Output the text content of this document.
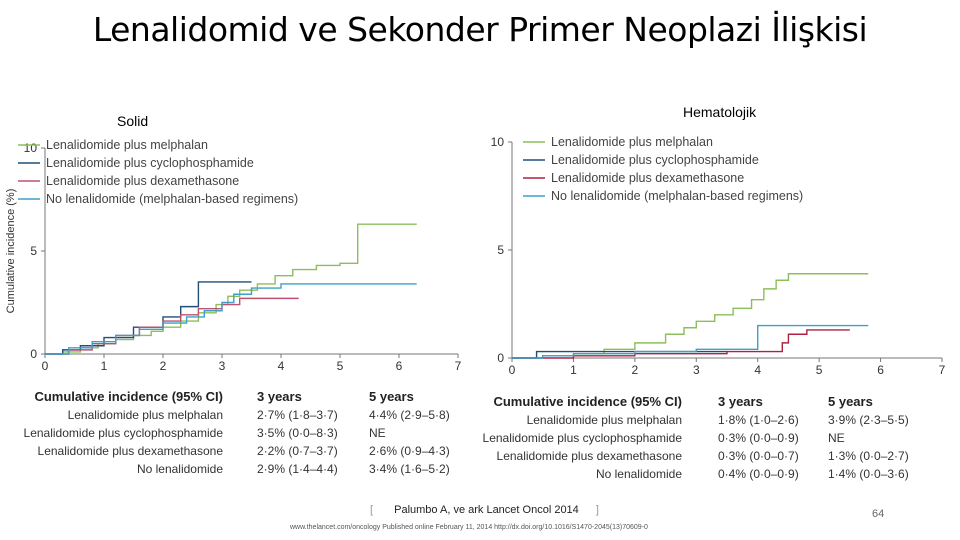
Lenalidomid ve Sekonder Primer Neoplazi İlişkisi
Solid
Hematolojik
0	1	2	3	4	5	6	7
0
5
10
Cumulative incidence (%)
Lenalidomide plus melphalan
Lenalidomide plus cyclophosphamide
Lenalidomide plus dexamethasone
No lenalidomide (melphalan-based regimens)
0	1	2	3	4	5	6	7
0
5
10	Lenalidomide plus melphalan
Lenalidomide plus cyclophosphamide
Lenalidomide plus dexamethasone
No lenalidomide (melphalan-based regimens)
Cumulative incidence (95% CI)	3 years	5 years
Lenalidomide plus melphalan	2·7% (1·8–3·7)	4·4% (2·9–5·8)
Lenalidomide plus cyclophosphamide	3·5% (0·0–8·3)	NE
Lenalidomide plus dexamethasone	2·2% (0·7–3·7)	2·6% (0·9–4·3)
No lenalidomide	2·9% (1·4–4·4)	3·4% (1·6–5·2)
Cumulative incidence (95% CI)	3 years	5 years
Lenalidomide plus melphalan	1·8% (1·0–2·6)	3·9% (2·3–5·5)
Lenalidomide plus cyclophosphamide	0·3% (0·0–0·9)	NE
Lenalidomide plus dexamethasone	0·3% (0·0–0·7)	1·3% (0·0–2·7)
No lenalidomide	0·4% (0·0–0·9)	1·4% (0·0–3·6)
[ Palumbo A, ve ark Lancet Oncol 2014 ]
www.thelancet.com/oncology Published online February 11, 2014 http://dx.doi.org/10.1016/S1470-2045(13)70609-0
64
